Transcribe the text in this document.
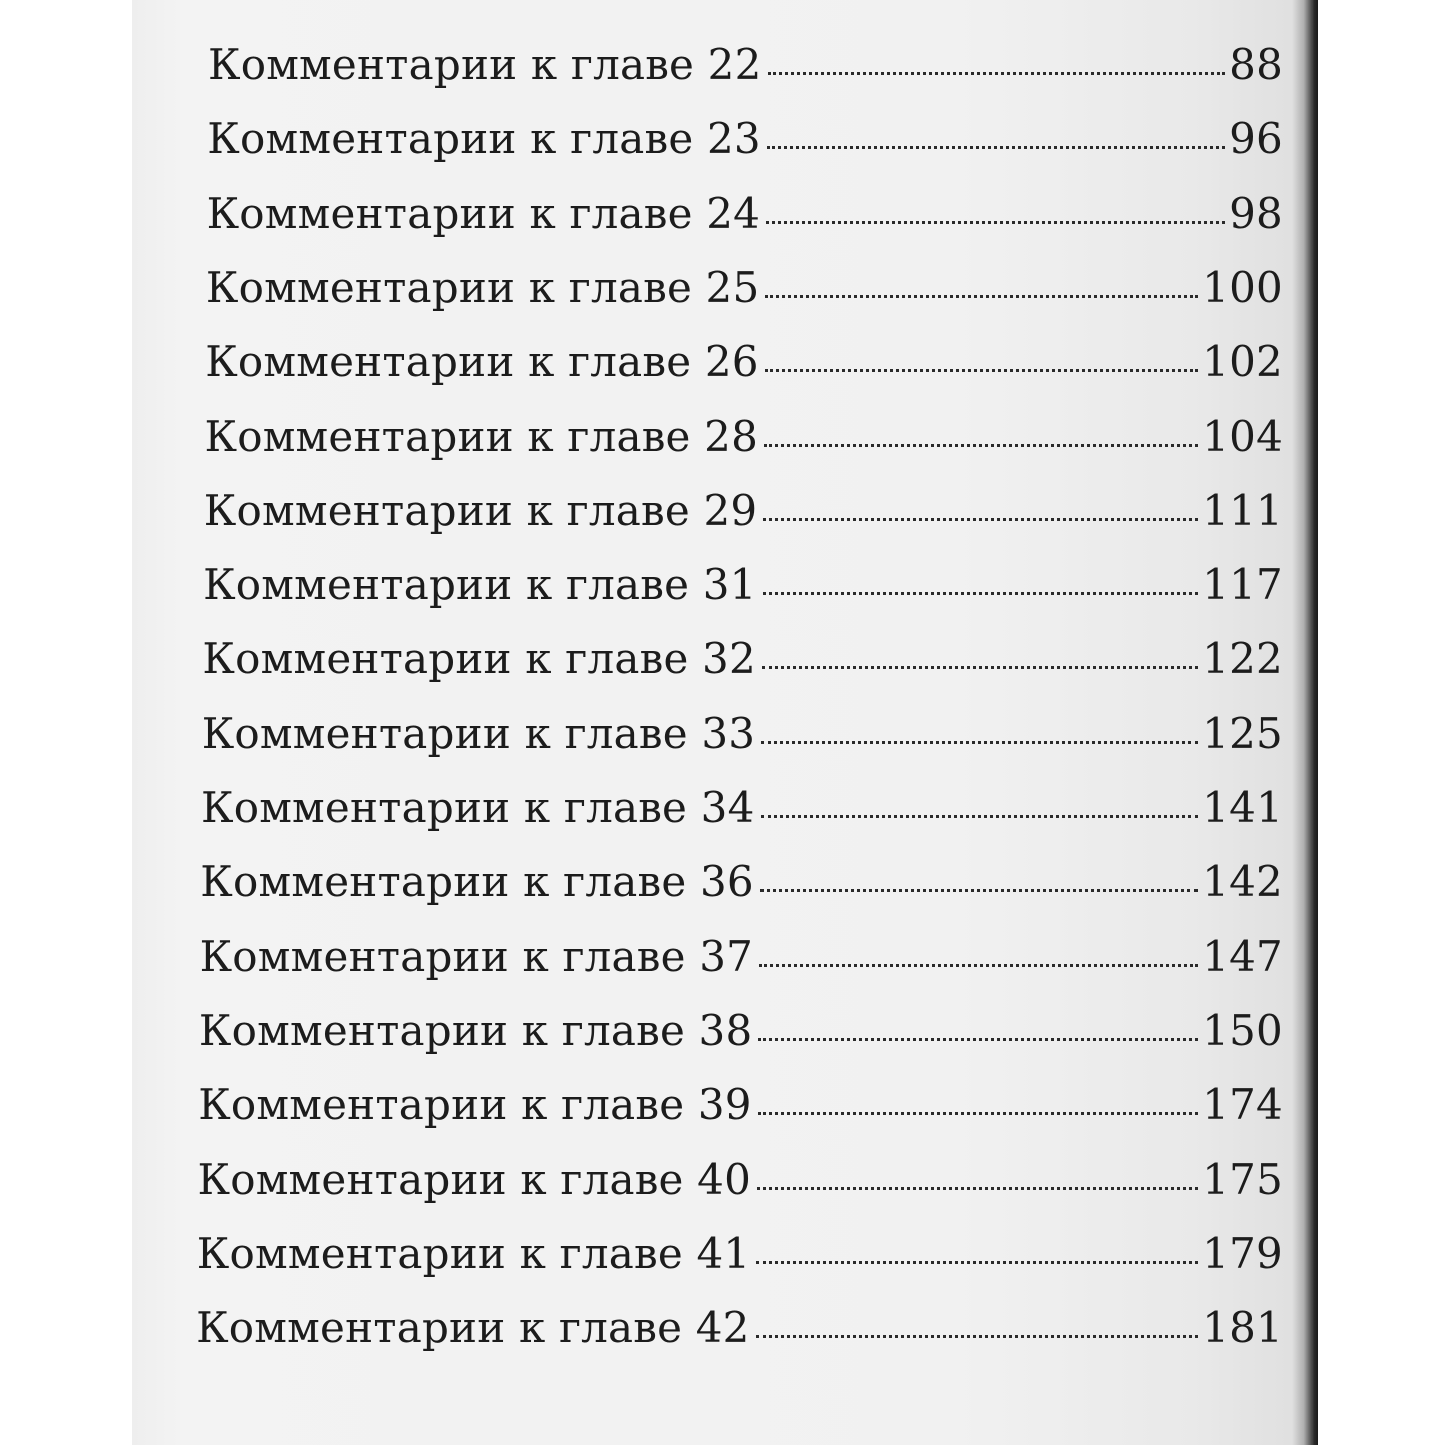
Комментарии к главе 22	88
Комментарии к главе 23	96
Комментарии к главе 24	98
Комментарии к главе 25	100
Комментарии к главе 26	102
Комментарии к главе 28	104
Комментарии к главе 29	111
Комментарии к главе 31	117
Комментарии к главе 32	122
Комментарии к главе 33	125
Комментарии к главе 34	141
Комментарии к главе 36	142
Комментарии к главе 37	147
Комментарии к главе 38	150
Комментарии к главе 39	174
Комментарии к главе 40	175
Комментарии к главе 41	179
Комментарии к главе 42	181
